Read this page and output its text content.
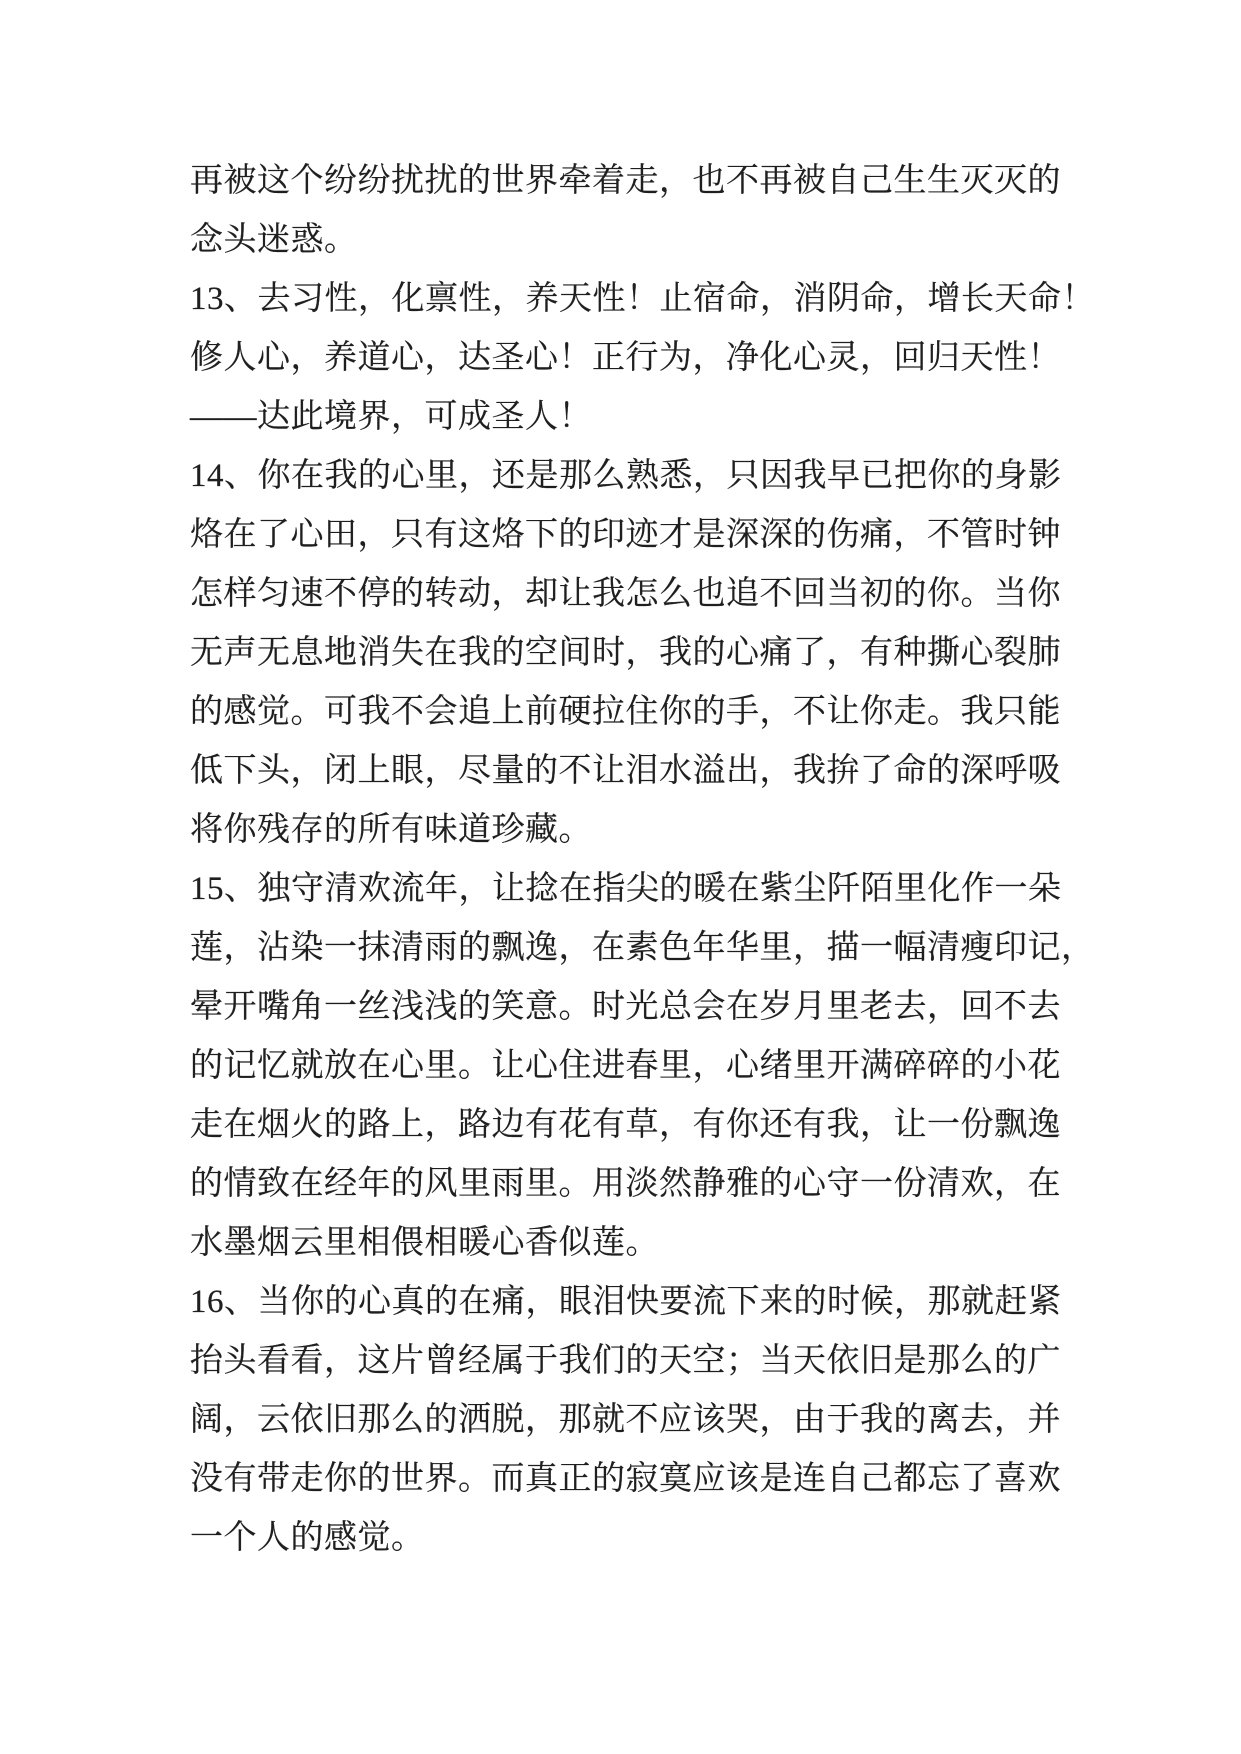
再被这个纷纷扰扰的世界牵着走，也不再被自己生生灭灭的
念头迷惑。
13、去习性，化禀性，养天性！止宿命，消阴命，增长天命！
修人心，养道心，达圣心！正行为，净化心灵，回归天性！
——达此境界，可成圣人！
14、你在我的心里，还是那么熟悉，只因我早已把你的身影
烙在了心田，只有这烙下的印迹才是深深的伤痛，不管时钟
怎样匀速不停的转动，却让我怎么也追不回当初的你。当你
无声无息地消失在我的空间时，我的心痛了，有种撕心裂肺
的感觉。可我不会追上前硬拉住你的手，不让你走。我只能
低下头，闭上眼，尽量的不让泪水溢出，我拚了命的深呼吸
将你残存的所有味道珍藏。
15、独守清欢流年，让捻在指尖的暖在紫尘阡陌里化作一朵
莲，沾染一抹清雨的飘逸，在素色年华里，描一幅清瘦印记，
晕开嘴角一丝浅浅的笑意。时光总会在岁月里老去，回不去
的记忆就放在心里。让心住进春里，心绪里开满碎碎的小花
走在烟火的路上，路边有花有草，有你还有我，让一份飘逸
的情致在经年的风里雨里。用淡然静雅的心守一份清欢，在
水墨烟云里相偎相暖心香似莲。
16、当你的心真的在痛，眼泪快要流下来的时候，那就赶紧
抬头看看，这片曾经属于我们的天空；当天依旧是那么的广
阔，云依旧那么的洒脱，那就不应该哭，由于我的离去，并
没有带走你的世界。而真正的寂寞应该是连自己都忘了喜欢
一个人的感觉。
